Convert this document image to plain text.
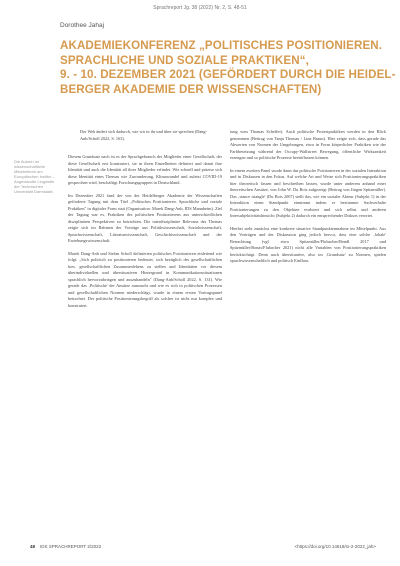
Sprachreport Jg. 38 (2022) Nr. 2, S. 48-51
Dorothee Jahaj
AKADEMIEKONFERENZ „POLITISCHES POSITIONIEREN.
SPRACHLICHE UND SOZIALE PRAKTIKEN“,
9. - 10. DEZEMBER 2021 (GEFÖRDERT DURCH DIE HEIDEL-
BERGER AKADEMIE DER WISSENSCHAFTEN)
Die Autorin ist wissenschaftliche Mitarbeiterin am Europäischen Institut – Angewandte Linguistik der Technischen Universität Darmstadt.
Der Weh ändert sich dadurch, wie wir in ihr und über sie sprechen (Dang-Anh/Scholl 2022, S. 163).

Diesem Grundsatz nach ist es der Sprachgebrauch der Mitglieder einer Gesellschaft, der diese Gesellschaft erst konstruiert, sie in ihren Einzelheiten definiert und damit ihre Identität und auch die Identität all ihrer Mitglieder erfindet. Wie schnell und präzise sich diese Identität eines Themas wie Zuwanderung, Klimawandel und zuletzt COVID-19 gesprochen wird, beschäftigt Forschungsgruppen in Deutschland.

Im Dezember 2021 fand der von der Heidelberger Akademie der Wissenschaften geförderte Tagung mit dem Titel „Politisches Positionieren. Sprachliche und soziale Praktiken" in digitaler Form statt (Organisation: Marek Dang-Anh, IDS Mannheim). Ziel der Tagung war es, Praktiken des politischen Positionierens aus unterschiedlichen disziplinären Perspektiven zu betrachten. Die interdisziplinäre Relevanz des Themas zeigte sich im Rahmen der Vorträge aus Politikwissenschaft, Sozialwissenschaft, Sprachwissenschaft, Literaturwissenschaft, Geschichtswissenschaft und der Erziehungswissenschaft.

Marek Dang-Anh und Stefan Scholl definierten politisches Positionieren einleitend wie folgt: „Sich politisch zu positionieren bedeutet, sich bezüglich des gesellschaftlichen bzw. gesellschaftlichen Zusammenlebens zu stellen und Identitäten vor diesem überindividuellen und übersituativen Hintergrund in Kommunikationssituationen sprachlich hervorzubringen und auszuhandeln" (Dang-Anh/Scholl 2022, S. 131). Wie gerade das ‚Politische' der Ansätze ausmacht und wie es sich in politischen Prozessen und gesellschaftlichen Normen niederschlägt, wurde in einem ersten Vortragspanel betrachtet. Der politische Positionierungsbegriff als solcher ist nicht nur komplex und konstruiert.

tung vom Thomas Scheffer). Auch politische Protestpraktiken werden in den Blick genommen (Beitrag von Tanja Thomas / Lina Braun). Hier zeigte sich, dass gerade das Abwerten von Normen der Umgebungen, etwa in Form körperlicher Praktiken wie der Farbbesetzung während der Occupy-Wallstreet Bewegung, öffentliche Wirksamkeit erzeugen und so politische Prozesse beeinflussen können.

In einem zweiten Panel wurde dann das politische Positionieren in der sozialen Interaktion und in Diskursen in den Fokus. Auf welche Art und Weise sich Positionierungspraktiken hier theoretisch fassen und beschreiben lassen, wurde unter anderem anhand einer theoretischen Ansätze, von John W. Du Bois aufgezeigt (Beitrag von Jürgen Spitzmüller). Das ‚stance triangle' (Du Bois 2007) stellt das, wie ein sozialer Akteur (Subjekt 1) in der Interaktion einen Standpunkt einnimmt indem er bestimmte Sachverhalte Positionierungen zu den Objekten evaluiert und sich selbst und anderen Intersubjektivitätshinsicht (Subjekt 2) dadurch ein entsprechender Diskurs verortet.

Hierbei steht zunächst eine konkrete situative Standpunkteinnahme im Mittelpunkt. Aus den Vorträgen und der Diskussion ging jedoch hervor, dass eine solche ‚lokale' Betrachtung (vgl. etwa Spitzmüller/Flubacher/Bendl 2017 und Spitzmüller/Bonas/Flubacher 2021) nicht alle Variablen von Positionierungspraktiken berücksichtigt. Denn auch übersituative, also im ‚Grundsatz' zu Normen, spielen sprachwissenschaftlich und politisch Einfluss.

48 IDS SPRACHREPORT 2/2022	<https://doi.org/10.14618/sr-2-2022_jah>
